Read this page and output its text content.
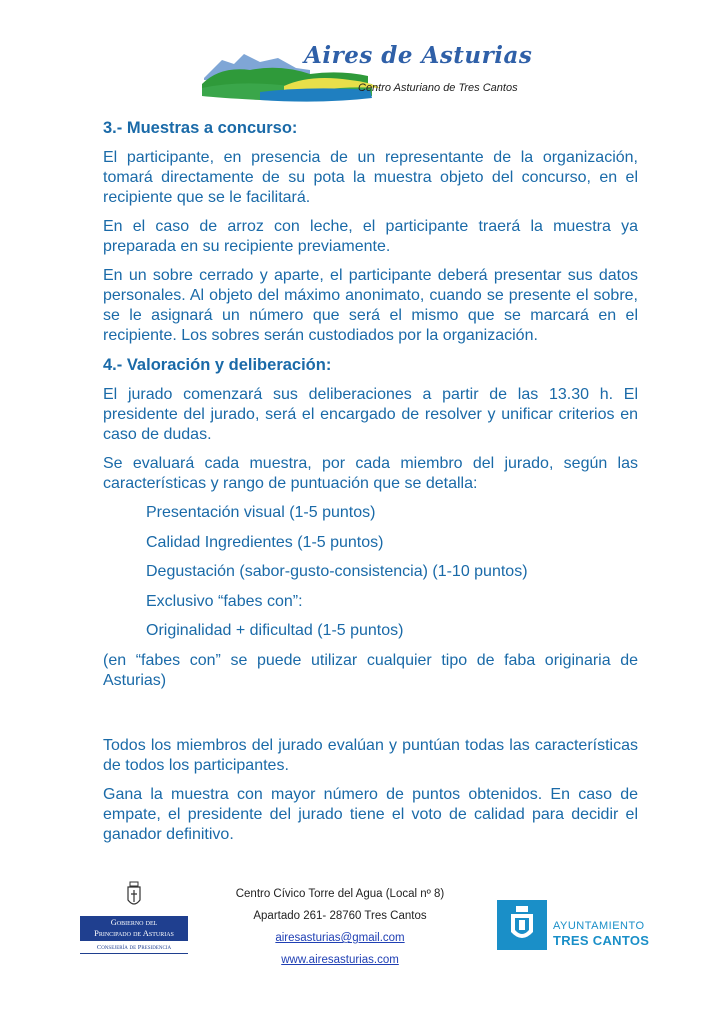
Aires de Asturias
Centro Asturiano de Tres Cantos
3.- Muestras a concurso:
El participante, en presencia de un representante de la organización, tomará directamente de su pota la muestra objeto del concurso, en el recipiente que se le facilitará.
En el caso de arroz con leche, el participante traerá la muestra ya preparada en su recipiente previamente.
En un sobre cerrado y aparte, el participante deberá presentar sus datos personales. Al objeto del máximo anonimato, cuando se presente el sobre, se le asignará un número que será el mismo que se marcará en el recipiente. Los sobres serán custodiados por la organización.
4.- Valoración y deliberación:
El jurado comenzará sus deliberaciones a partir de las 13.30 h. El presidente del jurado, será el encargado de resolver y unificar criterios en caso de dudas.
Se evaluará cada muestra, por cada miembro del jurado, según las características y rango de puntuación que se detalla:
Presentación visual (1-5 puntos)
Calidad Ingredientes (1-5 puntos)
Degustación (sabor-gusto-consistencia) (1-10 puntos)
Exclusivo “fabes con”:
Originalidad + dificultad (1-5 puntos)
(en “fabes con” se puede utilizar cualquier tipo de faba originaria de Asturias)
Todos los miembros del jurado evalúan y puntúan todas las características de todos los participantes.
Gana la muestra con mayor número de puntos obtenidos. En caso de empate, el presidente del jurado tiene el voto de calidad para decidir el ganador definitivo.
Gobierno del
Principado de Asturias
Consejería de Presidencia
Centro Cívico Torre del Agua (Local nº 8)
Apartado 261- 28760 Tres Cantos
airesasturias@gmail.com
www.airesasturias.com
AYUNTAMIENTO
TRES CANTOS
